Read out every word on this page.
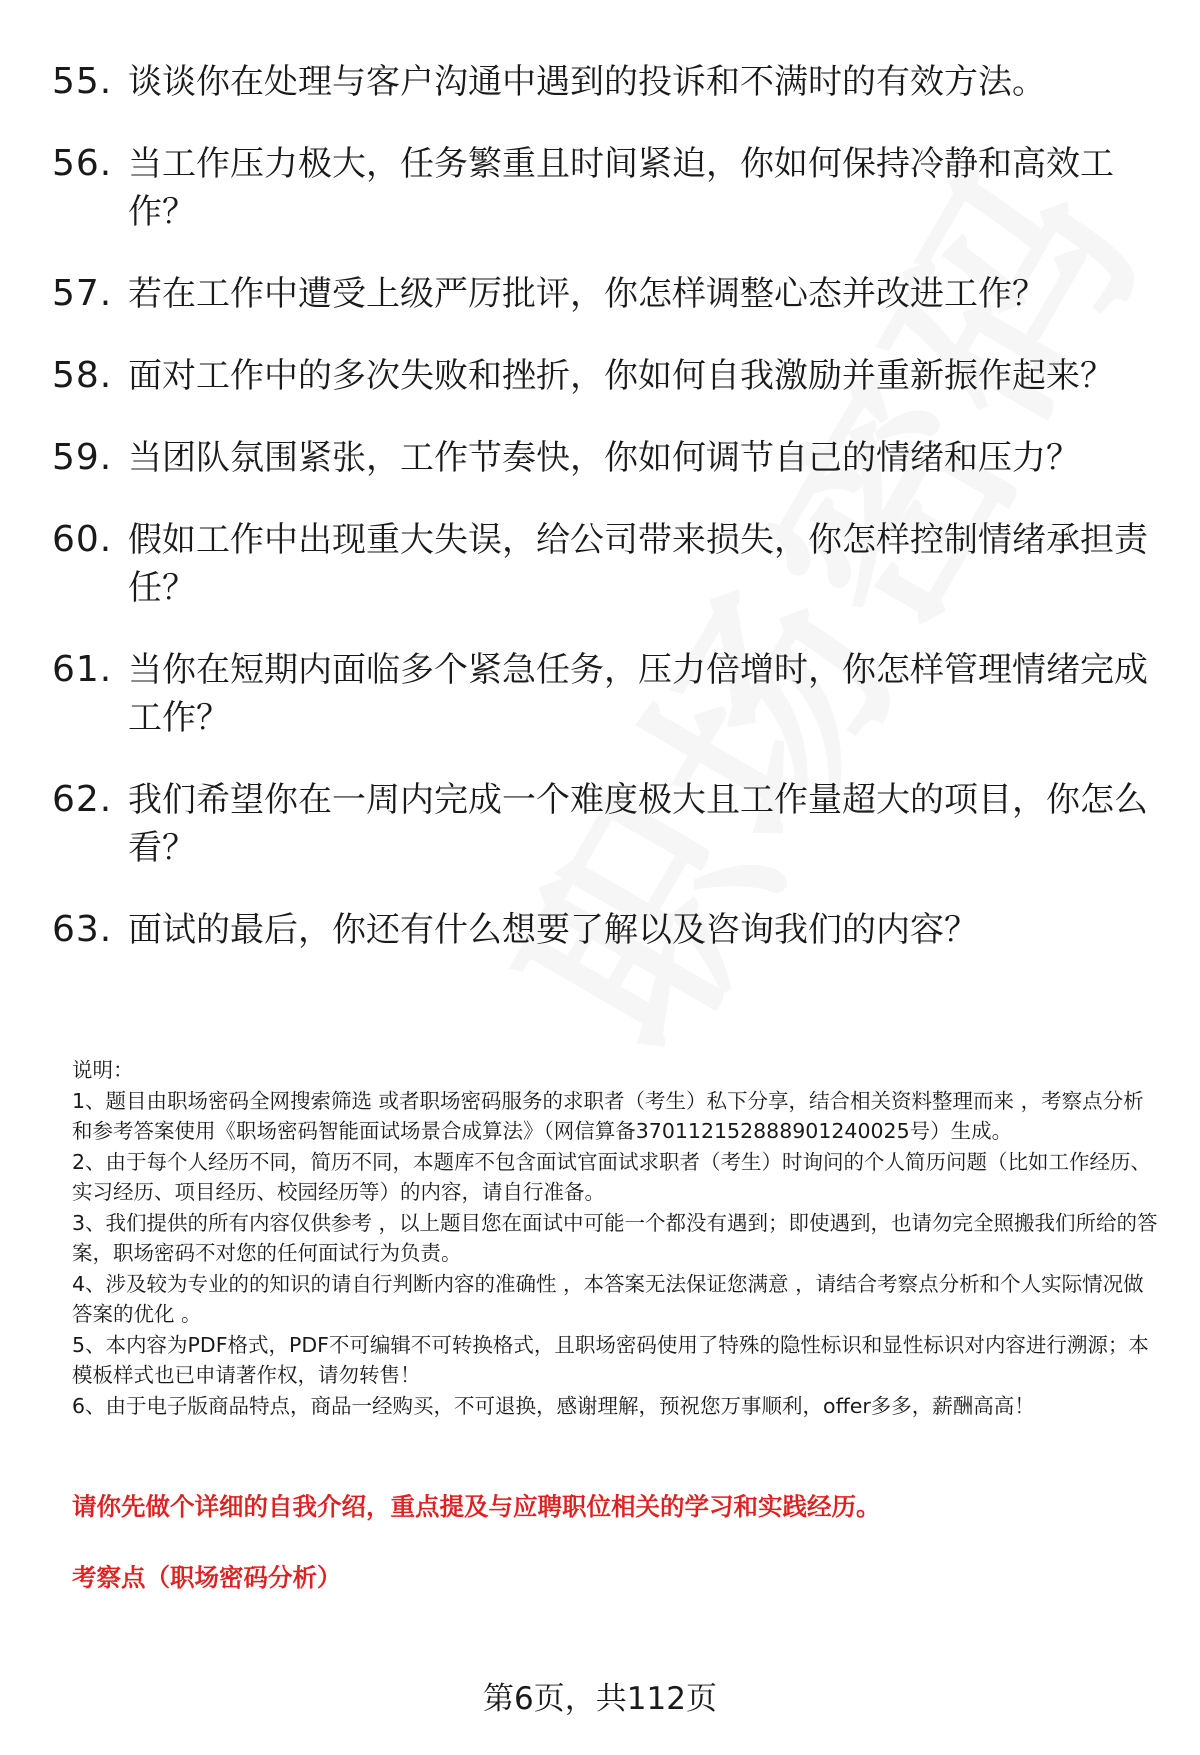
55. 谈谈你在处理与客户沟通中遇到的投诉和不满时的有效方法。
56. 当工作压力极大，任务繁重且时间紧迫，你如何保持冷静和高效工作？
57. 若在工作中遭受上级严厉批评，你怎样调整心态并改进工作？
58. 面对工作中的多次失败和挫折，你如何自我激励并重新振作起来？
59. 当团队氛围紧张，工作节奏快，你如何调节自己的情绪和压力？
60. 假如工作中出现重大失误，给公司带来损失，你怎样控制情绪承担责任？
61. 当你在短期内面临多个紧急任务，压力倍增时，你怎样管理情绪完成工作？
62. 我们希望你在一周内完成一个难度极大且工作量超大的项目，你怎么看？
63. 面试的最后，你还有什么想要了解以及咨询我们的内容？

说明：

1、题目由职场密码全网搜索筛选 或者职场密码服务的求职者（考生）私下分享，结合相关资料整理而来 ，考察点分析和参考答案使用《职场密码智能面试场景合成算法》（网信算备370112152888901240025号）生成。

2、由于每个人经历不同，简历不同，本题库不包含面试官面试求职者（考生）时询问的个人简历问题（比如工作经历、实习经历、项目经历、校园经历等）的内容，请自行准备。

3、我们提供的所有内容仅供参考 ，以上题目您在面试中可能一个都没有遇到；即使遇到，也请勿完全照搬我们所给的答案，职场密码不对您的任何面试行为负责。

4、涉及较为专业的的知识的请自行判断内容的准确性 ，本答案无法保证您满意 ，请结合考察点分析和个人实际情况做答案的优化 。

5、本内容为PDF格式，PDF不可编辑不可转换格式，且职场密码使用了特殊的隐性标识和显性标识对内容进行溯源；本模板样式也已申请著作权，请勿转售！

6、由于电子版商品特点，商品一经购买，不可退换，感谢理解，预祝您万事顺利，offer多多，薪酬高高！

请你先做个详细的自我介绍，重点提及与应聘职位相关的学习和实践经历。
考察点（职场密码分析）
第6页，共112页
